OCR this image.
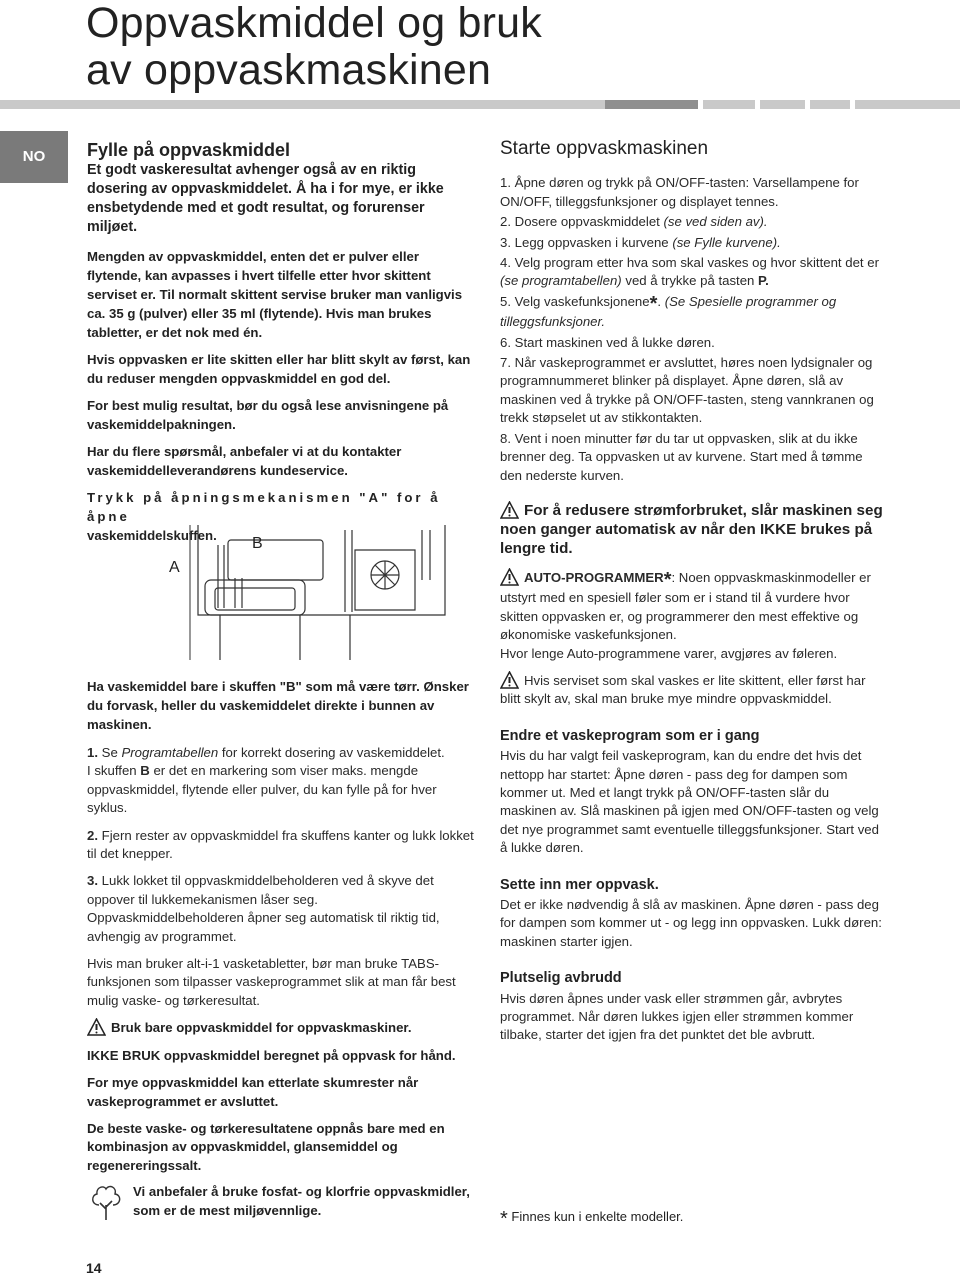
Oppvaskmiddel og bruk
av oppvaskmaskinen
NO	Fylle på oppvaskmiddel

Et godt vaskeresultat avhenger også av en riktig dosering av oppvaskmiddelet. Å ha i for mye, er ikke ensbetydende med et godt resultat, og forurenser miljøet.

Mengden av oppvaskmiddel, enten det er pulver eller flytende, kan avpasses i hvert tilfelle etter hvor skittent serviset er. Til normalt skittent servise bruker man vanligvis ca. 35 g (pulver) eller 35 ml (flytende). Hvis man brukes tabletter, er det nok med én.

Hvis oppvasken er lite skitten eller har blitt skylt av først, kan du reduser mengden oppvaskmiddel en god del.

For best mulig resultat, bør du også lese anvisningene på vaskemiddelpakningen.

Har du flere spørsmål, anbefaler vi at du kontakter vaskemiddelleverandørens kundeservice.

Trykk på åpningsmekanismen "A" for å åpne
vaskemiddelskuffen.	B
A

Ha vaskemiddel bare i skuffen "B" som må være tørr. Ønsker du forvask, heller du vaskemiddelet direkte i bunnen av maskinen.

1. Se Programtabellen for korrekt dosering av vaskemiddelet.

I skuffen B er det en markering som viser maks. mengde oppvaskmiddel, flytende eller pulver, du kan fylle på for hver syklus.

2. Fjern rester av oppvaskmiddel fra skuffens kanter og lukk lokket til det knepper.

3. Lukk lokket til oppvaskmiddelbeholderen ved å skyve det oppover til lukkemekanismen låser seg.

Oppvaskmiddelbeholderen åpner seg automatisk til riktig tid, avhengig av programmet.

Hvis man bruker alt-i-1 vasketabletter, bør man bruke TABS-funksjonen som tilpasser vaskeprogrammet slik at man får best mulig vaske- og tørkeresultat.

Bruk bare oppvaskmiddel for oppvaskmaskiner.

IKKE BRUK oppvaskmiddel beregnet på oppvask for hånd.

For mye oppvaskmiddel kan etterlate skumrester når vaskeprogrammet er avsluttet.

De beste vaske- og tørkeresultatene oppnås bare med en kombinasjon av oppvaskmiddel, glansemiddel og regenereringssalt.

Vi anbefaler å bruke fosfat- og klorfrie oppvaskmidler, som er de mest miljøvennlige.
Starte oppvaskmaskinen

1. Åpne døren og trykk på ON/OFF-tasten: Varsellampene for ON/OFF, tilleggsfunksjoner og displayet tennes.

2. Dosere oppvaskmiddelet (se ved siden av).

3. Legg oppvasken i kurvene (se Fylle kurvene).

4. Velg program etter hva som skal vaskes og hvor skittent det er (se programtabellen) ved å trykke på tasten P.

5. Velg vaskefunksjonene*. (Se Spesielle programmer og tilleggsfunksjoner.

6. Start maskinen ved å lukke døren.

7. Når vaskeprogrammet er avsluttet, høres noen lydsignaler og programnummeret blinker på displayet. Åpne døren, slå av maskinen ved å trykke på ON/OFF-tasten, steng vannkranen og trekk støpselet ut av stikkontakten.

8. Vent i noen minutter før du tar ut oppvasken, slik at du ikke brenner deg. Ta oppvasken ut av kurvene. Start med å tømme den nederste kurven.

For å redusere strømforbruket, slår maskinen seg noen ganger automatisk av når den IKKE brukes på lengre tid.

AUTO-PROGRAMMER*: Noen oppvaskmaskinmodeller er utstyrt med en spesiell føler som er i stand til å vurdere hvor skitten oppvasken er, og programmerer den mest effektive og økonomiske vaskefunksjonen.

Hvor lenge Auto-programmene varer, avgjøres av føleren.

Hvis serviset som skal vaskes er lite skittent, eller først har blitt skylt av, skal man bruke mye mindre oppvaskmiddel.

Endre et vaskeprogram som er i gang

Hvis du har valgt feil vaskeprogram, kan du endre det hvis det nettopp har startet: Åpne døren - pass deg for dampen som kommer ut. Med et langt trykk på ON/OFF-tasten slår du maskinen av. Slå maskinen på igjen med ON/OFF-tasten og velg det nye programmet samt eventuelle tilleggsfunksjoner. Start ved å lukke døren.

Sette inn mer oppvask.

Det er ikke nødvendig å slå av maskinen. Åpne døren - pass deg for dampen som kommer ut - og legg inn oppvasken. Lukk døren: maskinen starter igjen.

Plutselig avbrudd

Hvis døren åpnes under vask eller strømmen går, avbrytes programmet. Når døren lukkes igjen eller strømmen kommer tilbake, starter det igjen fra det punktet det ble avbrutt.

* Finnes kun i enkelte modeller.
14
